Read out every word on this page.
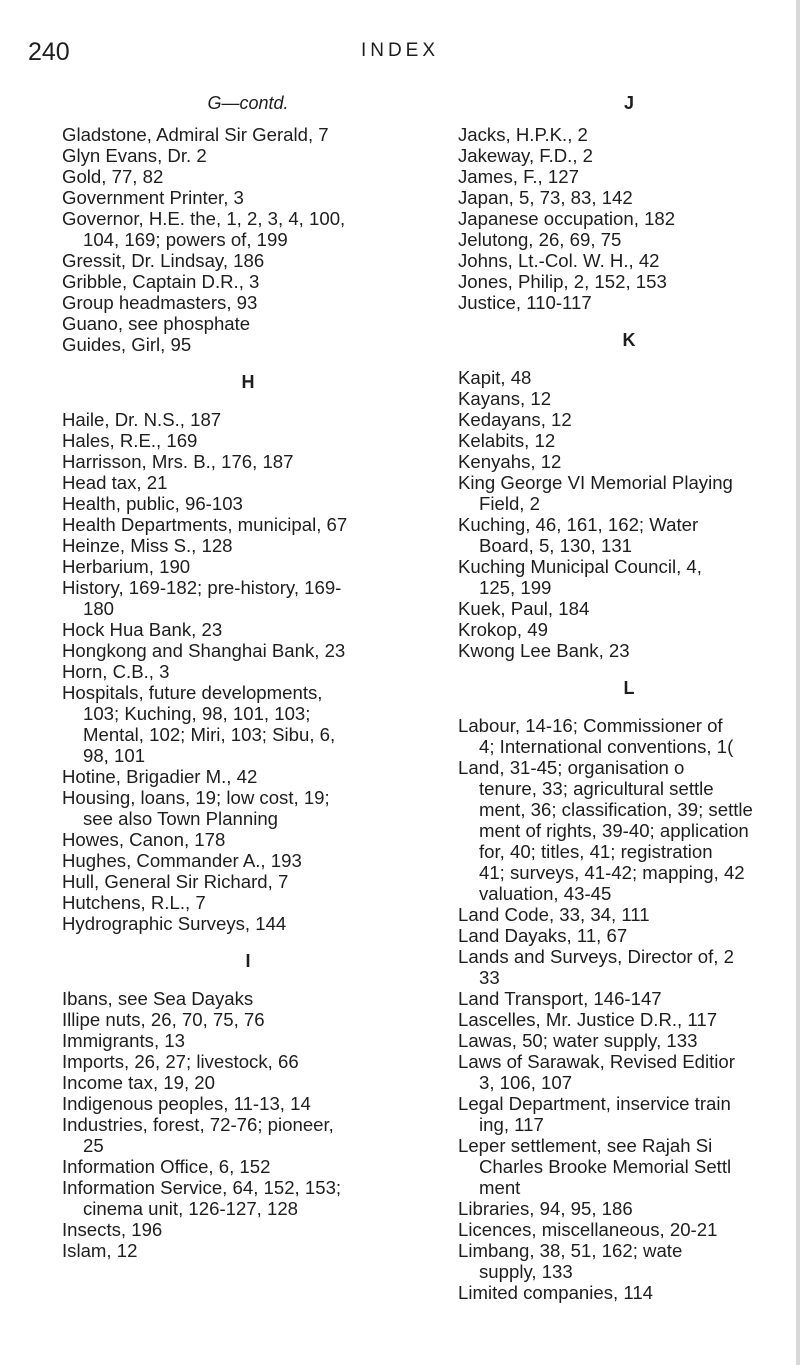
240	INDEX
G—contd.
Gladstone, Admiral Sir Gerald, 7
Glyn Evans, Dr. 2
Gold, 77, 82
Government Printer, 3
Governor, H.E. the, 1, 2, 3, 4, 100,
104, 169; powers of, 199
Gressit, Dr. Lindsay, 186
Gribble, Captain D.R., 3
Group headmasters, 93
Guano, see phosphate
Guides, Girl, 95
H
Haile, Dr. N.S., 187
Hales, R.E., 169
Harrisson, Mrs. B., 176, 187
Head tax, 21
Health, public, 96-103
Health Departments, municipal, 67
Heinze, Miss S., 128
Herbarium, 190
History, 169-182; pre-history, 169-
180
Hock Hua Bank, 23
Hongkong and Shanghai Bank, 23
Horn, C.B., 3
Hospitals, future developments,
103; Kuching, 98, 101, 103;
Mental, 102; Miri, 103; Sibu, 6,
98, 101
Hotine, Brigadier M., 42
Housing, loans, 19; low cost, 19;
see also Town Planning
Howes, Canon, 178
Hughes, Commander A., 193
Hull, General Sir Richard, 7
Hutchens, R.L., 7
Hydrographic Surveys, 144
I
Ibans, see Sea Dayaks
Illipe nuts, 26, 70, 75, 76
Immigrants, 13
Imports, 26, 27; livestock, 66
Income tax, 19, 20
Indigenous peoples, 11-13, 14
Industries, forest, 72-76; pioneer,
25
Information Office, 6, 152
Information Service, 64, 152, 153;
cinema unit, 126-127, 128
Insects, 196
Islam, 12
J
Jacks, H.P.K., 2
Jakeway, F.D., 2
James, F., 127
Japan, 5, 73, 83, 142
Japanese occupation, 182
Jelutong, 26, 69, 75
Johns, Lt.-Col. W. H., 42
Jones, Philip, 2, 152, 153
Justice, 110-117
K
Kapit, 48
Kayans, 12
Kedayans, 12
Kelabits, 12
Kenyahs, 12
King George VI Memorial Playing
Field, 2
Kuching, 46, 161, 162; Water
Board, 5, 130, 131
Kuching Municipal Council, 4,
125, 199
Kuek, Paul, 184
Krokop, 49
Kwong Lee Bank, 23
L
Labour, 14-16; Commissioner of
4; International conventions, 1(
Land, 31-45; organisation o
tenure, 33; agricultural settle
ment, 36; classification, 39; settle
ment of rights, 39-40; application
for, 40; titles, 41; registration
41; surveys, 41-42; mapping, 42
valuation, 43-45
Land Code, 33, 34, 111
Land Dayaks, 11, 67
Lands and Surveys, Director of, 2
33
Land Transport, 146-147
Lascelles, Mr. Justice D.R., 117
Lawas, 50; water supply, 133
Laws of Sarawak, Revised Editior
3, 106, 107
Legal Department, inservice train
ing, 117
Leper settlement, see Rajah Si
Charles Brooke Memorial Settl
ment
Libraries, 94, 95, 186
Licences, miscellaneous, 20-21
Limbang, 38, 51, 162; wate
supply, 133
Limited companies, 114
